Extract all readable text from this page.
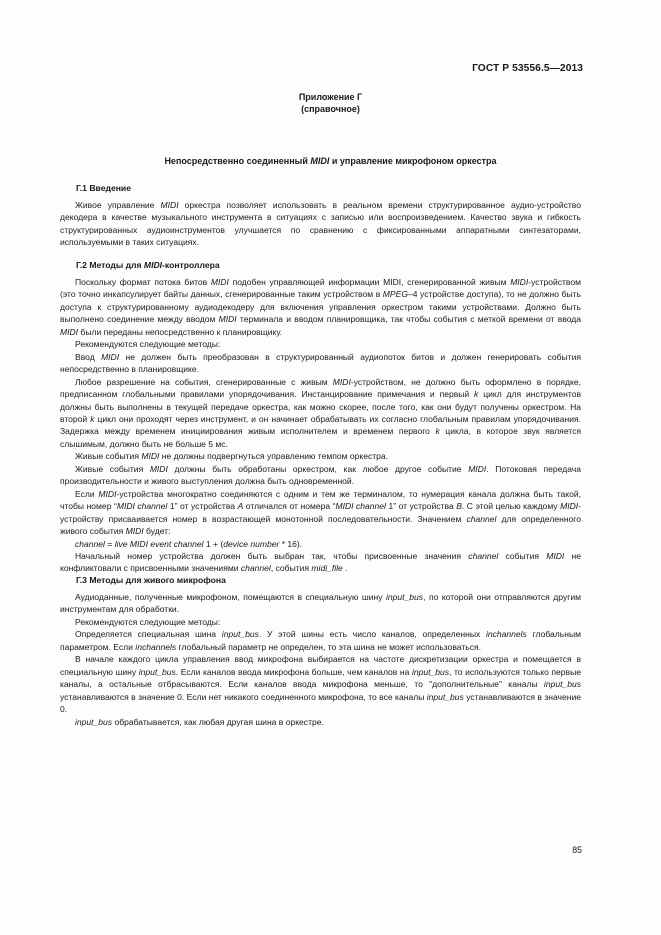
ГОСТ Р 53556.5—2013
Приложение Г
(справочное)
Непосредственно соединенный MIDI и управление микрофоном оркестра
Г.1 Введение

Живое управление MIDI оркестра позволяет использовать в реальном времени структурированное аудио-устройство декодера в качестве музыкального инструмента в ситуациях с записью или воспроизведением. Качество звука и гибкость структурированных аудиоинструментов улучшается по сравнению с фиксированными аппаратными синтезаторами, используемыми в таких ситуациях.

Г.2 Методы для MIDI-контроллера

Поскольку формат потока битов MIDI подобен управляющей информации MIDI, сгенерированной живым MIDI-устройством (это точно инкапсулирует байты данных, сгенерированные таким устройством в MPEG–4 устройстве доступа), то не должно быть доступа к структурированному аудиодекодеру для включения управления оркестром такими устройствами. Должно быть выполнено соединение между вводом MIDI терминала и вводом планировщика, так чтобы события с меткой времени от ввода MIDI были переданы непосредственно к планировщику.

Рекомендуются следующие методы:

Ввод MIDI не должен быть преобразован в структурированный аудиопоток битов и должен генерировать события непосредственно в планировщике.

Любое разрешение на события, сгенерированные с живым MIDI-устройством, не должно быть оформлено в порядке, предписанном глобальными правилами упорядочивания. Инстанцирование примечания и первый k цикл для инструментов должны быть выполнены в текущей передаче оркестра, как можно скорее, после того, как они будут получены оркестром. На второй k цикл они проходят через инструмент, и он начинает обрабатывать их согласно глобальным правилам упорядочивания. Задержка между временем инициирования живым исполнителем и временем первого k цикла, в которое звук является слышимым, должно быть не больше 5 мс.

Живые события MIDI не должны подвергнуться управлению темпом оркестра.

Живые события MIDI должны быть обработаны оркестром, как любое другое событие MIDI. Потоковая передача производительности и живого выступления должна быть одновременной.

Если MIDI-устройства многократно соединяются с одним и тем же терминалом, то нумерация канала должна быть такой, чтобы номер “MIDI channel 1” от устройства A отличался от номера “MIDI channel 1” от устройства B. С этой целью каждому MIDI-устройству присваивается номер в возрастающей монотонной последовательности. Значением channel для определенного живого события MIDI будет:

channel = live MIDI event channel 1 + (device number * 16).

Начальный номер устройства должен быть выбран так, чтобы присвоенные значения channel события MIDI не конфликтовали с присвоенными значениями channel, события midi_file .

Г.3 Методы для живого микрофона

Аудиоданные, полученные микрофоном, помещаются в специальную шину input_bus, по которой они отправляются другим инструментам для обработки.

Рекомендуются следующие методы:

Определяется специальная шина input_bus. У этой шины есть число каналов, определенных inchannels глобальным параметром. Если inchannels глобальный параметр не определен, то эта шина не может использоваться.

В начале каждого цикла управления ввод микрофона выбирается на частоте дискретизации оркестра и помещается в специальную шину input_bus. Если каналов ввода микрофона больше, чем каналов на input_bus, то используются только первые каналы, а остальные отбрасываются. Если каналов ввода микрофона меньше, то "дополнительные" каналы input_bus устанавливаются в значение 0. Если нет никакого соединенного микрофона, то все каналы input_bus устанавливаются в значение 0.

input_bus обрабатывается, как любая другая шина в оркестре.

85
